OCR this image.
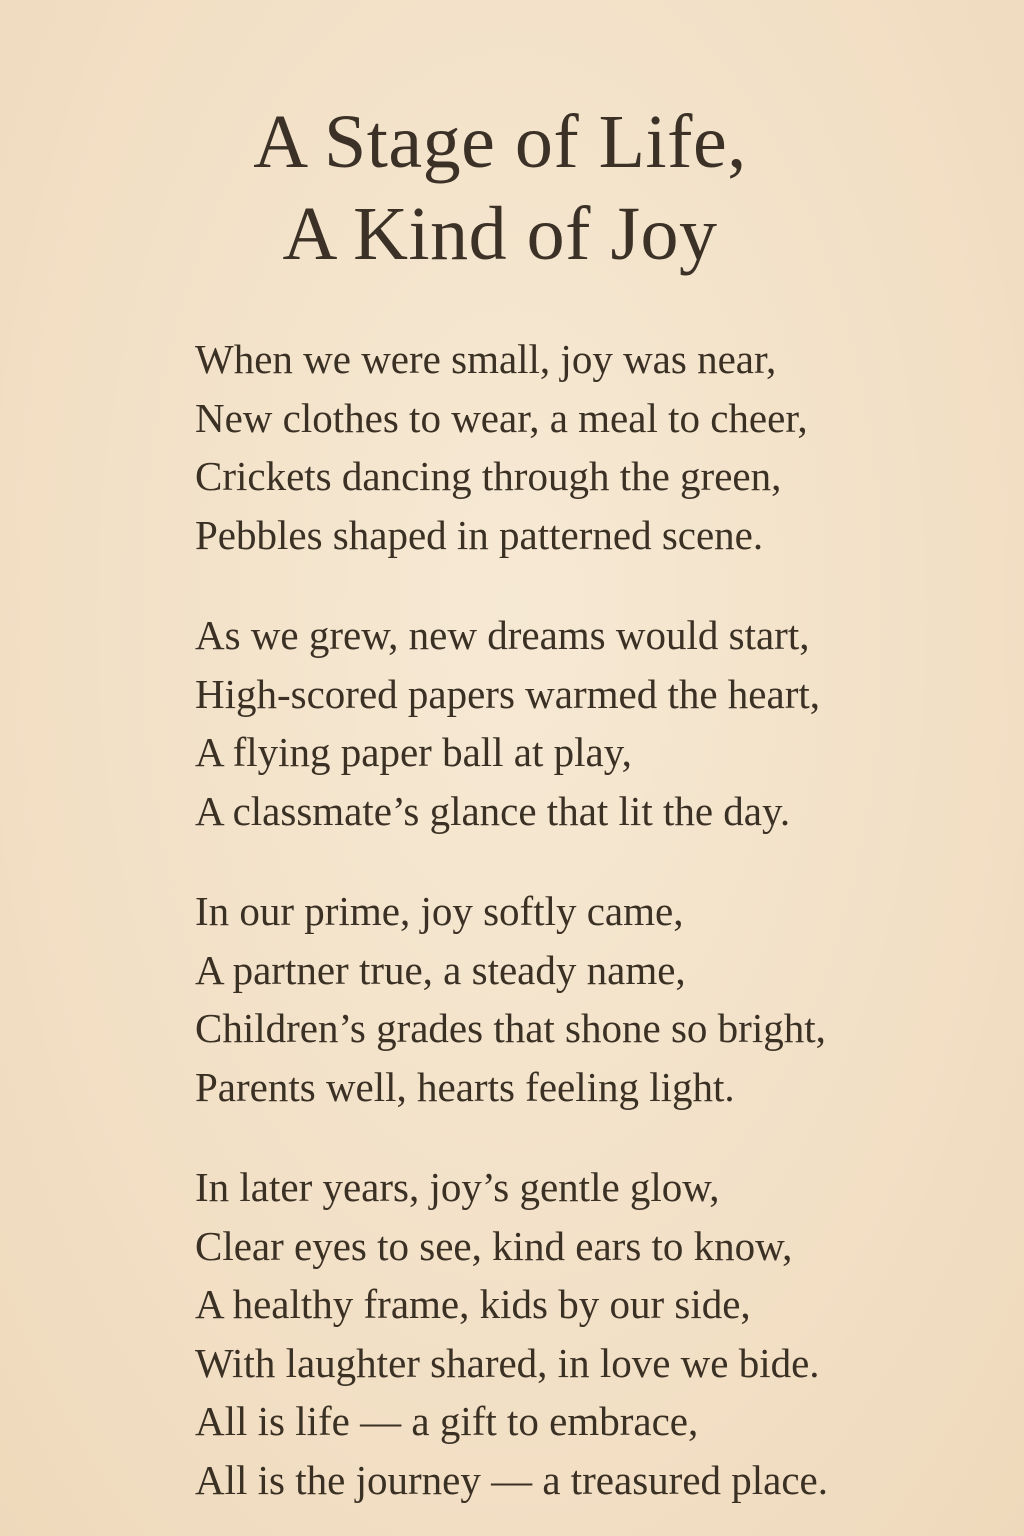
A Stage of Life,
A Kind of Joy
When we were small, joy was near,
New clothes to wear, a meal to cheer,
Crickets dancing through the green,
Pebbles shaped in patterned scene.
As we grew, new dreams would start,
High-scored papers warmed the heart,
A flying paper ball at play,
A classmate’s glance that lit the day.
In our prime, joy softly came,
A partner true, a steady name,
Children’s grades that shone so bright,
Parents well, hearts feeling light.
In later years, joy’s gentle glow,
Clear eyes to see, kind ears to know,
A healthy frame, kids by our side,
With laughter shared, in love we bide.
All is life — a gift to embrace,
All is the journey — a treasured place.
